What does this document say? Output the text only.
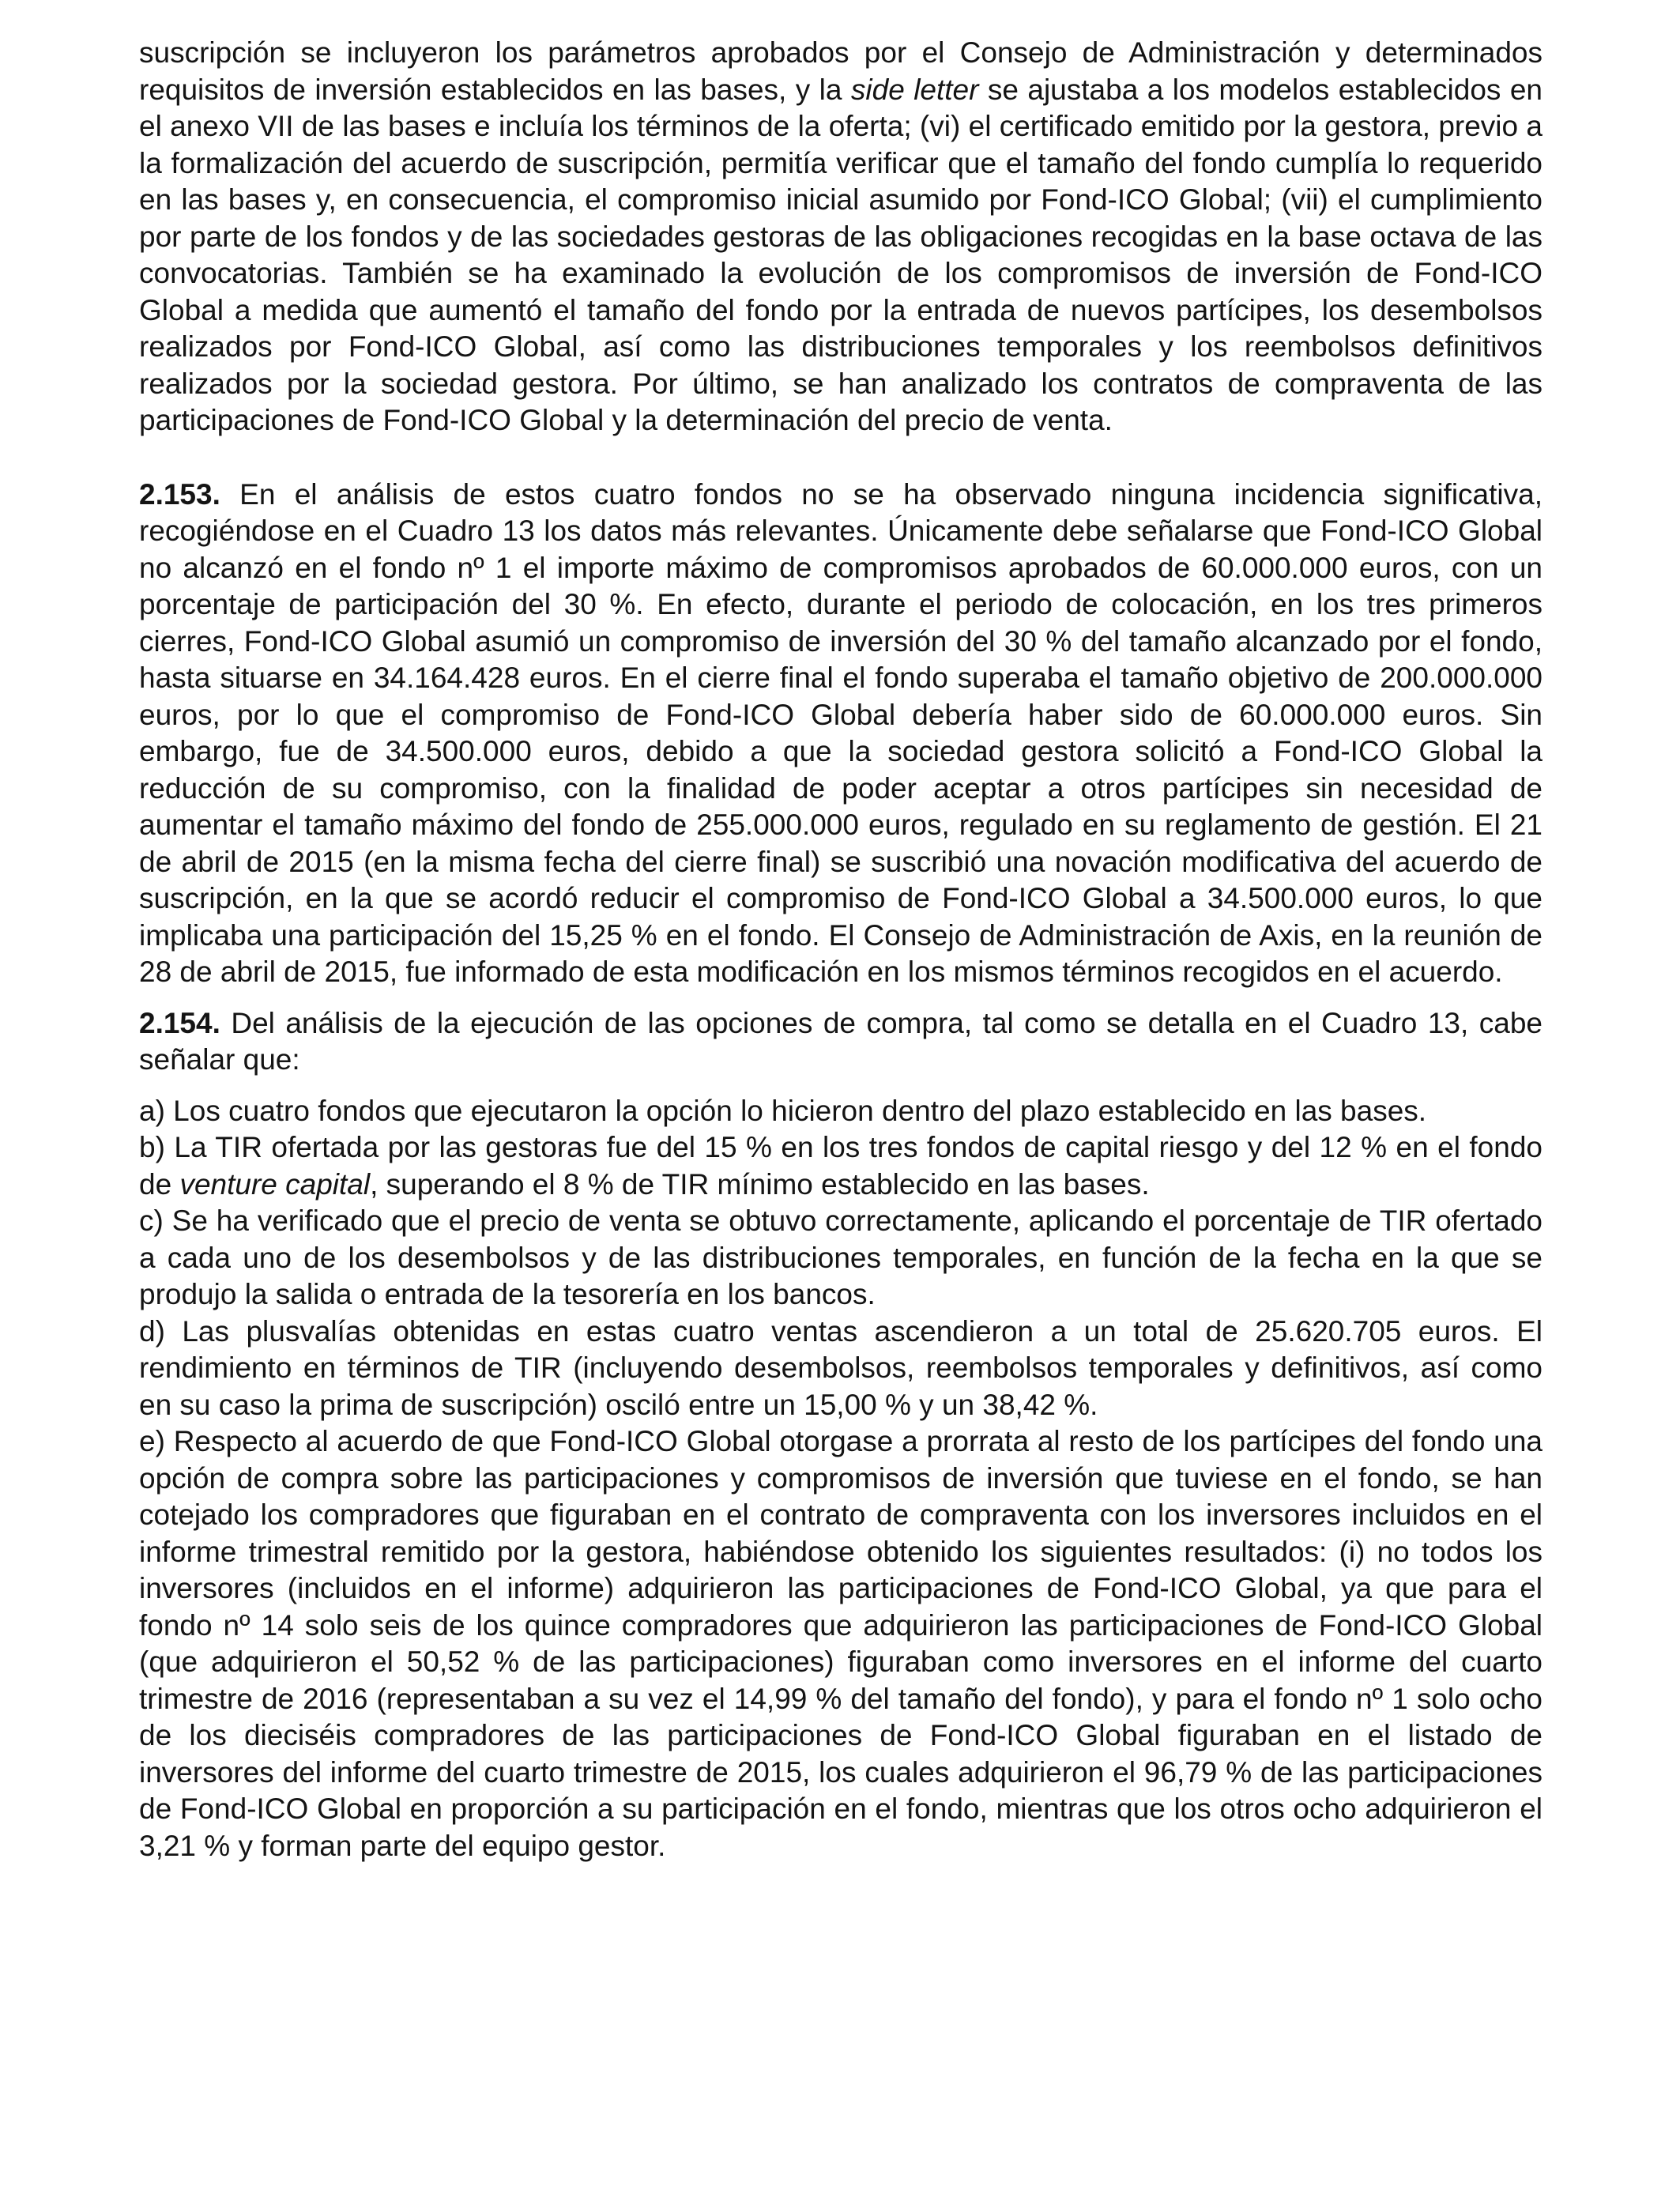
suscripción se incluyeron los parámetros aprobados por el Consejo de Administración y determinados requisitos de inversión establecidos en las bases, y la side letter se ajustaba a los modelos establecidos en el anexo VII de las bases e incluía los términos de la oferta; (vi) el certificado emitido por la gestora, previo a la formalización del acuerdo de suscripción, permitía verificar que el tamaño del fondo cumplía lo requerido en las bases y, en consecuencia, el compromiso inicial asumido por Fond-ICO Global; (vii) el cumplimiento por parte de los fondos y de las sociedades gestoras de las obligaciones recogidas en la base octava de las convocatorias. También se ha examinado la evolución de los compromisos de inversión de Fond-ICO Global a medida que aumentó el tamaño del fondo por la entrada de nuevos partícipes, los desembolsos realizados por Fond-ICO Global, así como las distribuciones temporales y los reembolsos definitivos realizados por la sociedad gestora. Por último, se han analizado los contratos de compraventa de las participaciones de Fond-ICO Global y la determinación del precio de venta.

2.153. En el análisis de estos cuatro fondos no se ha observado ninguna incidencia significativa, recogiéndose en el Cuadro 13 los datos más relevantes. Únicamente debe señalarse que Fond-ICO Global no alcanzó en el fondo nº 1 el importe máximo de compromisos aprobados de 60.000.000 euros, con un porcentaje de participación del 30 %. En efecto, durante el periodo de colocación, en los tres primeros cierres, Fond-ICO Global asumió un compromiso de inversión del 30 % del tamaño alcanzado por el fondo, hasta situarse en 34.164.428 euros. En el cierre final el fondo superaba el tamaño objetivo de 200.000.000 euros, por lo que el compromiso de Fond-ICO Global debería haber sido de 60.000.000 euros. Sin embargo, fue de 34.500.000 euros, debido a que la sociedad gestora solicitó a Fond-ICO Global la reducción de su compromiso, con la finalidad de poder aceptar a otros partícipes sin necesidad de aumentar el tamaño máximo del fondo de 255.000.000 euros, regulado en su reglamento de gestión. El 21 de abril de 2015 (en la misma fecha del cierre final) se suscribió una novación modificativa del acuerdo de suscripción, en la que se acordó reducir el compromiso de Fond-ICO Global a 34.500.000 euros, lo que implicaba una participación del 15,25 % en el fondo. El Consejo de Administración de Axis, en la reunión de 28 de abril de 2015, fue informado de esta modificación en los mismos términos recogidos en el acuerdo.

2.154. Del análisis de la ejecución de las opciones de compra, tal como se detalla en el Cuadro 13, cabe señalar que:

a) Los cuatro fondos que ejecutaron la opción lo hicieron dentro del plazo establecido en las bases.

b) La TIR ofertada por las gestoras fue del 15 % en los tres fondos de capital riesgo y del 12 % en el fondo de venture capital, superando el 8 % de TIR mínimo establecido en las bases.

c) Se ha verificado que el precio de venta se obtuvo correctamente, aplicando el porcentaje de TIR ofertado a cada uno de los desembolsos y de las distribuciones temporales, en función de la fecha en la que se produjo la salida o entrada de la tesorería en los bancos.

d) Las plusvalías obtenidas en estas cuatro ventas ascendieron a un total de 25.620.705 euros. El rendimiento en términos de TIR (incluyendo desembolsos, reembolsos temporales y definitivos, así como en su caso la prima de suscripción) osciló entre un 15,00 % y un 38,42 %.

e) Respecto al acuerdo de que Fond-ICO Global otorgase a prorrata al resto de los partícipes del fondo una opción de compra sobre las participaciones y compromisos de inversión que tuviese en el fondo, se han cotejado los compradores que figuraban en el contrato de compraventa con los inversores incluidos en el informe trimestral remitido por la gestora, habiéndose obtenido los siguientes resultados: (i) no todos los inversores (incluidos en el informe) adquirieron las participaciones de Fond-ICO Global, ya que para el fondo nº 14 solo seis de los quince compradores que adquirieron las participaciones de Fond-ICO Global (que adquirieron el 50,52 % de las participaciones) figuraban como inversores en el informe del cuarto trimestre de 2016 (representaban a su vez el 14,99 % del tamaño del fondo), y para el fondo nº 1 solo ocho de los dieciséis compradores de las participaciones de Fond-ICO Global figuraban en el listado de inversores del informe del cuarto trimestre de 2015, los cuales adquirieron el 96,79 % de las participaciones de Fond-ICO Global en proporción a su participación en el fondo, mientras que los otros ocho adquirieron el 3,21 % y forman parte del equipo gestor.
